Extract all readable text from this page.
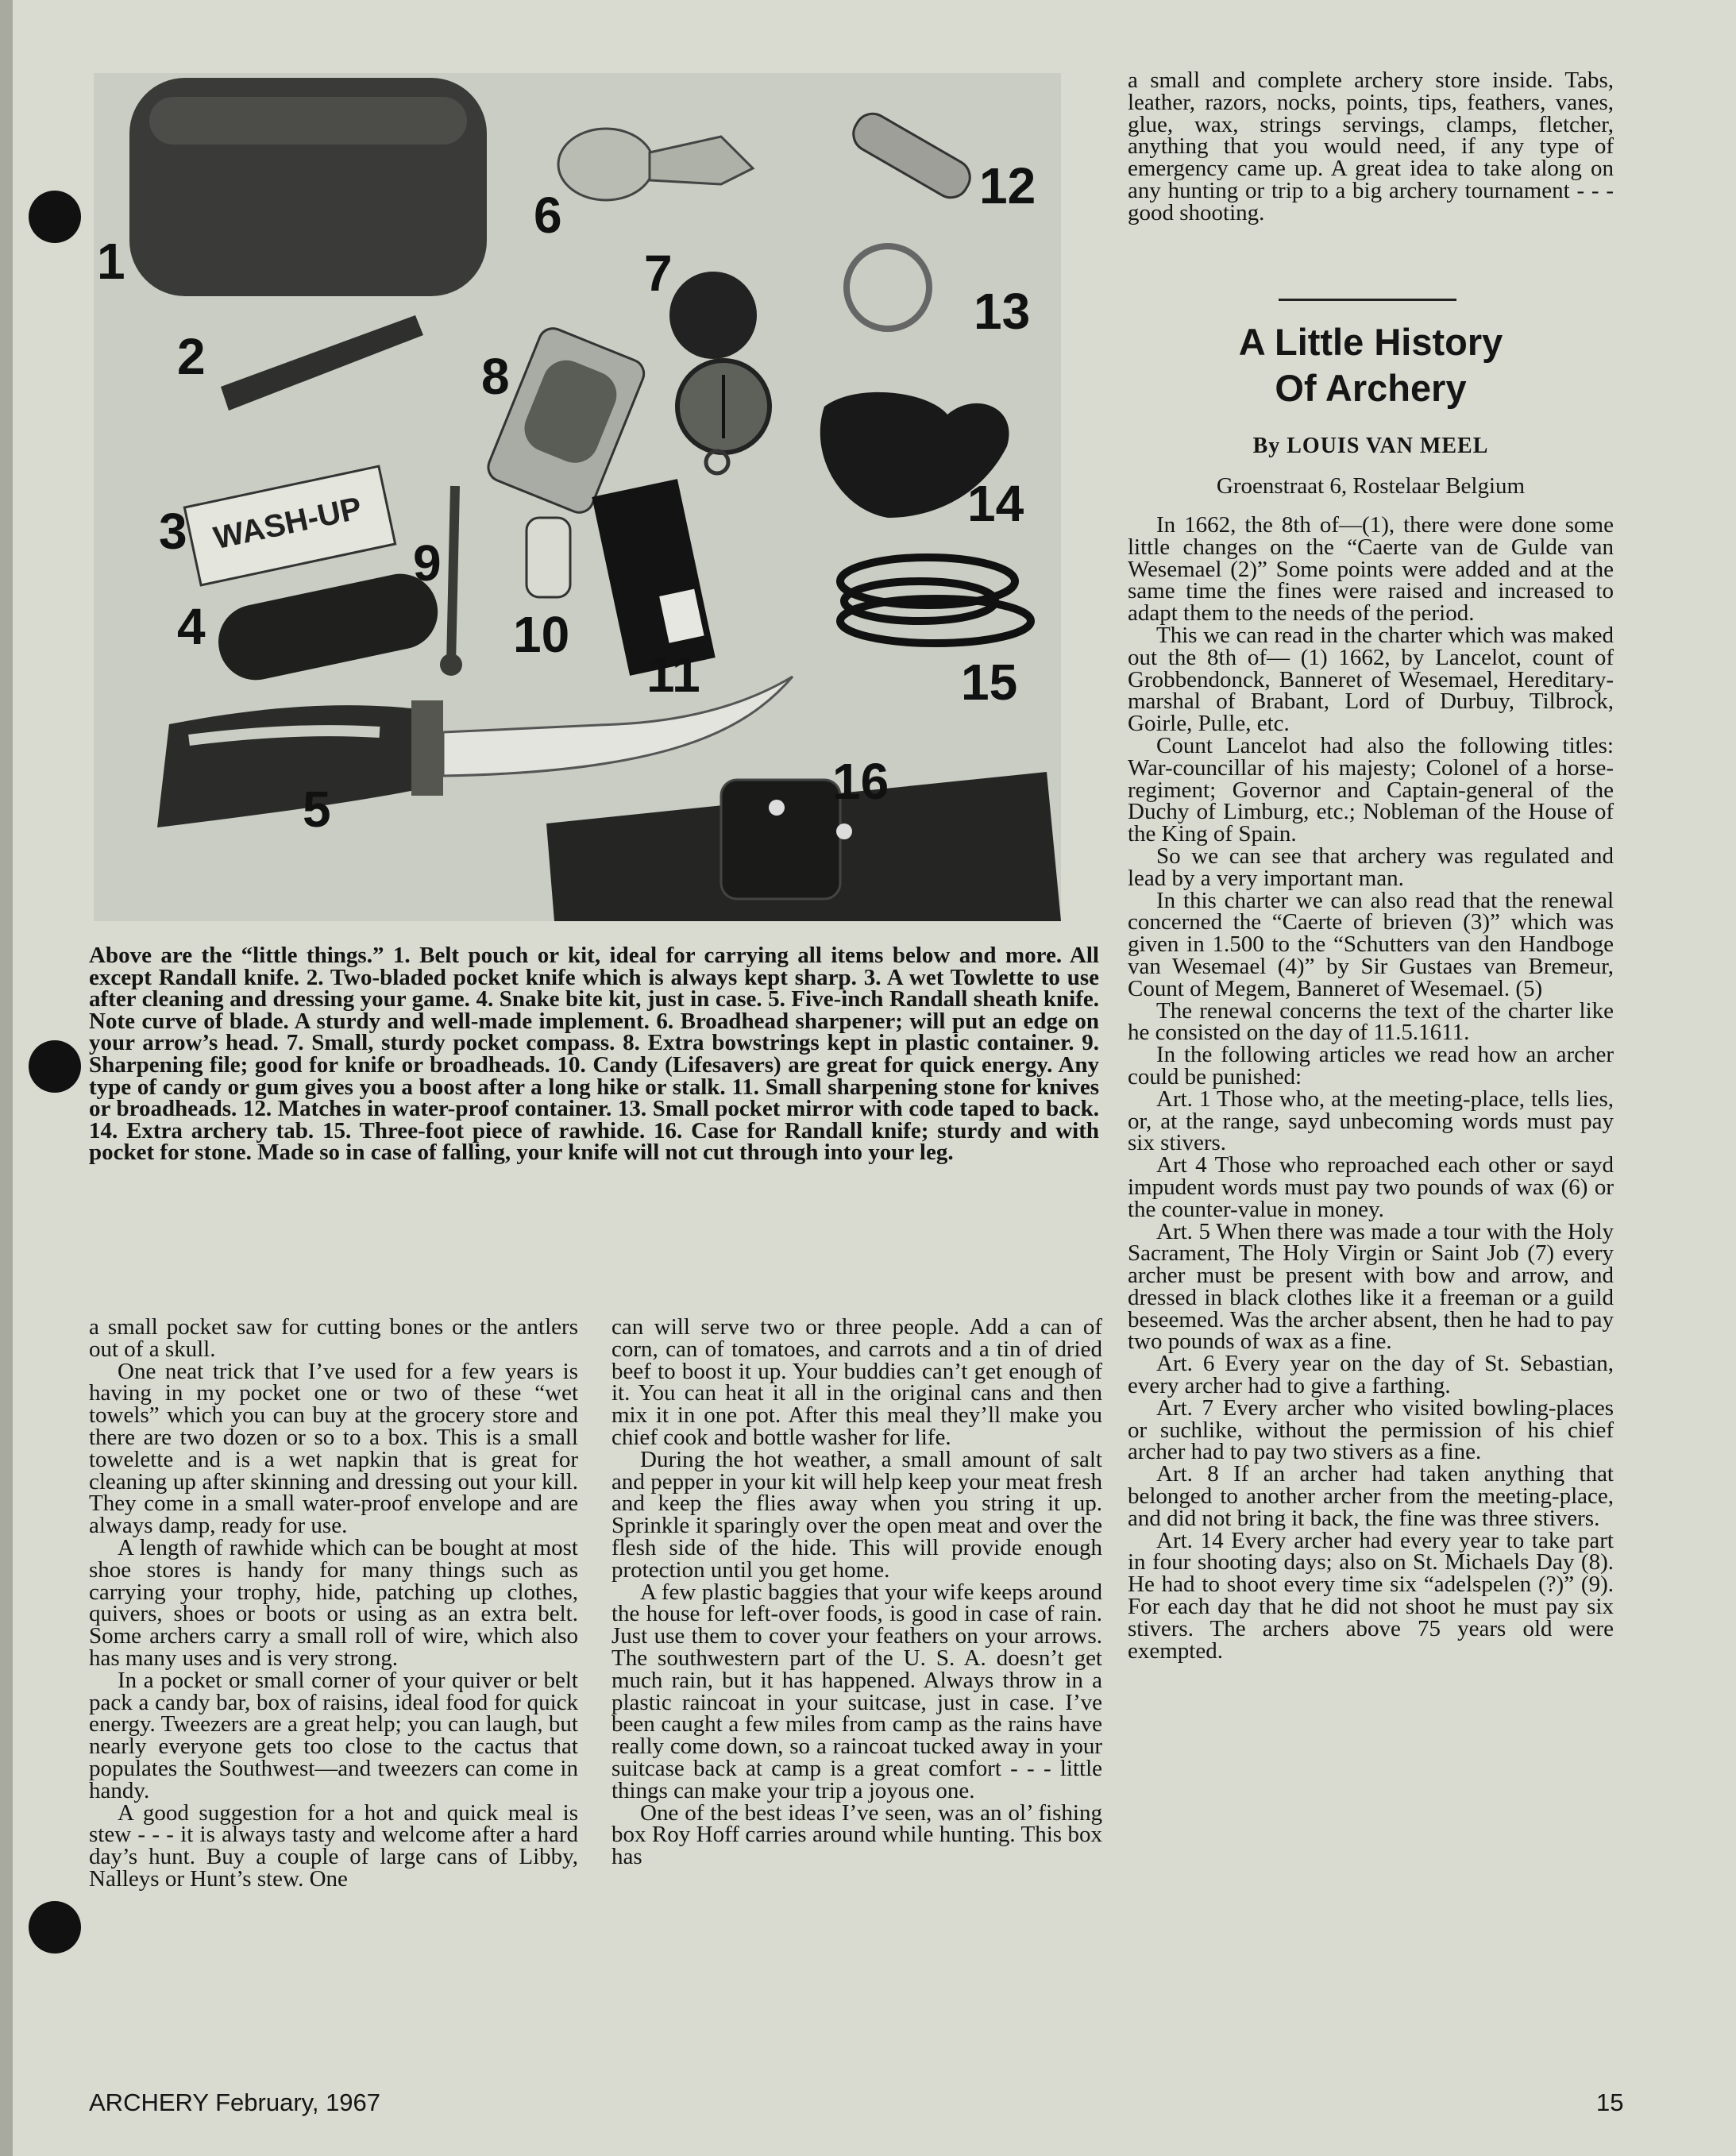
1
2
3
4
5
6
7
8
9
10
11
12
13
14
15
16
WASH-UP

Above are the “little things.” 1. Belt pouch or kit, ideal for carrying all items below and more. All except Randall knife. 2. Two-bladed pocket knife which is always kept sharp. 3. A wet Towlette to use after cleaning and dressing your game. 4. Snake bite kit, just in case. 5. Five-inch Randall sheath knife. Note curve of blade. A sturdy and well-made implement. 6. Broadhead sharpener; will put an edge on your arrow’s head. 7. Small, sturdy pocket compass. 8. Extra bowstrings kept in plastic container. 9. Sharpening file; good for knife or broadheads. 10. Candy (Lifesavers) are great for quick energy. Any type of candy or gum gives you a boost after a long hike or stalk. 11. Small sharpening stone for knives or broadheads. 12. Matches in water-proof container. 13. Small pocket mirror with code taped to back. 14. Extra archery tab. 15. Three-foot piece of rawhide. 16. Case for Randall knife; sturdy and with pocket for stone. Made so in case of falling, your knife will not cut through into your leg.

a small pocket saw for cutting bones or the antlers out of a skull.

One neat trick that I’ve used for a few years is having in my pocket one or two of these “wet towels” which you can buy at the grocery store and there are two dozen or so to a box. This is a small towelette and is a wet napkin that is great for cleaning up after skinning and dressing out your kill. They come in a small water-proof envelope and are always damp, ready for use.

A length of rawhide which can be bought at most shoe stores is handy for many things such as carrying your trophy, hide, patching up clothes, quivers, shoes or boots or using as an extra belt. Some archers carry a small roll of wire, which also has many uses and is very strong.

In a pocket or small corner of your quiver or belt pack a candy bar, box of raisins, ideal food for quick energy. Tweezers are a great help; you can laugh, but nearly everyone gets too close to the cactus that populates the Southwest—and tweezers can come in handy.

A good suggestion for a hot and quick meal is stew - - - it is always tasty and welcome after a hard day’s hunt. Buy a couple of large cans of Libby, Nalleys or Hunt’s stew. One

can will serve two or three people. Add a can of corn, can of tomatoes, and carrots and a tin of dried beef to boost it up. Your buddies can’t get enough of it. You can heat it all in the original cans and then mix it in one pot. After this meal they’ll make you chief cook and bottle washer for life.

During the hot weather, a small amount of salt and pepper in your kit will help keep your meat fresh and keep the flies away when you string it up. Sprinkle it sparingly over the open meat and over the flesh side of the hide. This will provide enough protection until you get home.

A few plastic baggies that your wife keeps around the house for left-over foods, is good in case of rain. Just use them to cover your feathers on your arrows. The southwestern part of the U. S. A. doesn’t get much rain, but it has happened. Always throw in a plastic raincoat in your suitcase, just in case. I’ve been caught a few miles from camp as the rains have really come down, so a raincoat tucked away in your suitcase back at camp is a great comfort - - - little things can make your trip a joyous one.

One of the best ideas I’ve seen, was an ol’ fishing box Roy Hoff carries around while hunting. This box has

a small and complete archery store inside. Tabs, leather, razors, nocks, points, tips, feathers, vanes, glue, wax, strings servings, clamps, fletcher, anything that you would need, if any type of emergency came up. A great idea to take along on any hunting or trip to a big archery tournament - - - good shooting.

A Little History
Of Archery
By LOUIS VAN MEEL
Groenstraat 6, Rostelaar Belgium

In 1662, the 8th of—(1), there were done some little changes on the “Caerte van de Gulde van Wesemael (2)” Some points were added and at the same time the fines were raised and increased to adapt them to the needs of the period.

This we can read in the charter which was maked out the 8th of— (1) 1662, by Lancelot, count of Grobbendonck, Banneret of Wesemael, Hereditary-marshal of Brabant, Lord of Durbuy, Tilbrock, Goirle, Pulle, etc.

Count Lancelot had also the following titles: War-councillar of his majesty; Colonel of a horse-regiment; Governor and Captain-general of the Duchy of Limburg, etc.; Nobleman of the House of the King of Spain.

So we can see that archery was regulated and lead by a very important man.

In this charter we can also read that the renewal concerned the “Caerte of brieven (3)” which was given in 1.500 to the “Schutters van den Handboge van Wesemael (4)” by Sir Gustaes van Bremeur, Count of Megem, Banneret of Wesemael. (5)

The renewal concerns the text of the charter like he consisted on the day of 11.5.1611.

In the following articles we read how an archer could be punished:

Art. 1 Those who, at the meeting-place, tells lies, or, at the range, sayd unbecoming words must pay six stivers.

Art 4 Those who reproached each other or sayd impudent words must pay two pounds of wax (6) or the counter-value in money.

Art. 5 When there was made a tour with the Holy Sacrament, The Holy Virgin or Saint Job (7) every archer must be present with bow and arrow, and dressed in black clothes like it a freeman or a guild beseemed. Was the archer absent, then he had to pay two pounds of wax as a fine.

Art. 6 Every year on the day of St. Sebastian, every archer had to give a farthing.

Art. 7 Every archer who visited bowling-places or suchlike, without the permission of his chief archer had to pay two stivers as a fine.

Art. 8 If an archer had taken anything that belonged to another archer from the meeting-place, and did not bring it back, the fine was three stivers.

Art. 14 Every archer had every year to take part in four shooting days; also on St. Michaels Day (8). He had to shoot every time six “adelspelen (?)” (9). For each day that he did not shoot he must pay six stivers. The archers above 75 years old were exempted.

ARCHERY February, 1967	15
